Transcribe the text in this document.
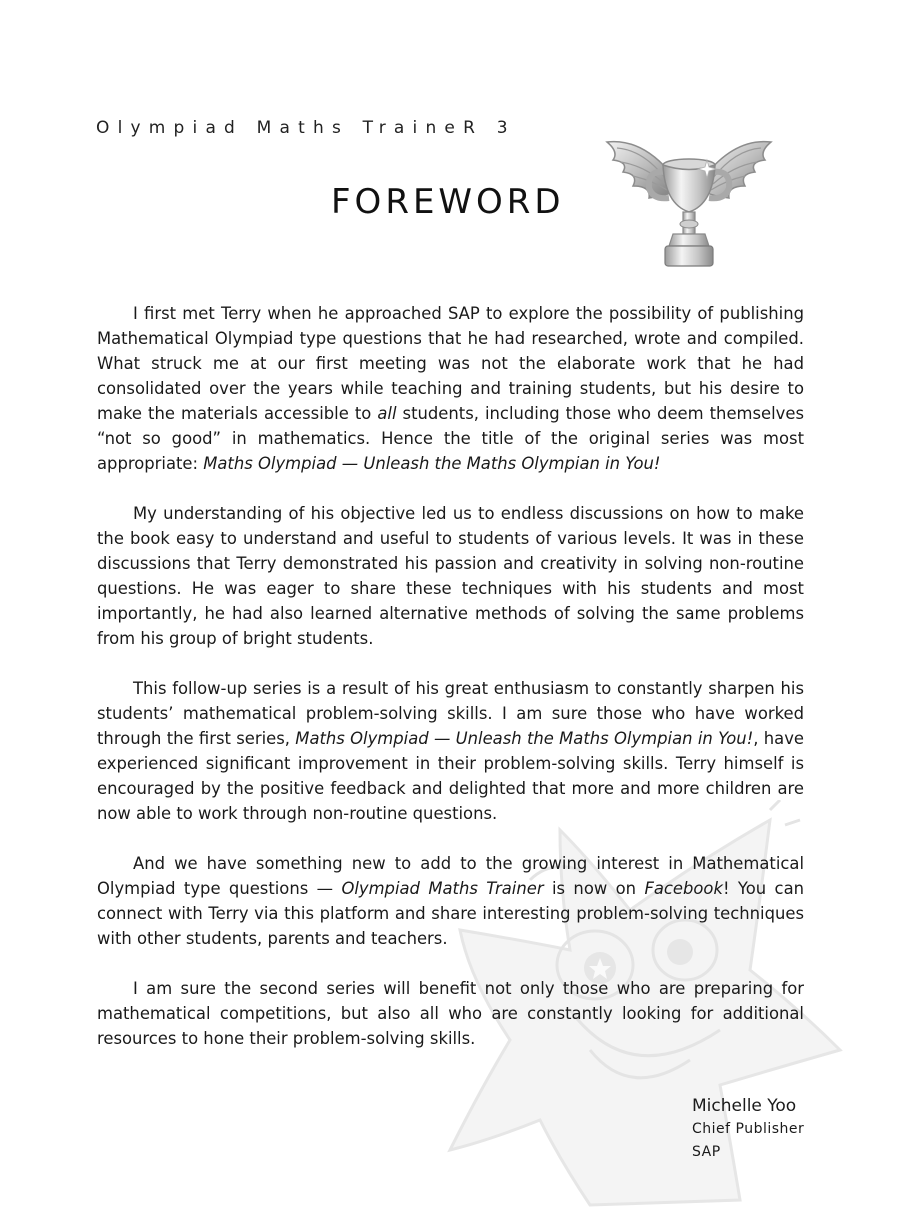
Olympiad Maths TraineR 3
FOREWORD

I first met Terry when he approached SAP to explore the possibility of publishing Mathematical Olympiad type questions that he had researched, wrote and compiled. What struck me at our first meeting was not the elaborate work that he had consolidated over the years while teaching and training students, but his desire to make the materials accessible to all students, including those who deem themselves “not so good” in mathematics. Hence the title of the original series was most appropriate: Maths Olympiad — Unleash the Maths Olympian in You!

My understanding of his objective led us to endless discussions on how to make the book easy to understand and useful to students of various levels. It was in these discussions that Terry demonstrated his passion and creativity in solving non-routine questions. He was eager to share these techniques with his students and most importantly, he had also learned alternative methods of solving the same problems from his group of bright students.

This follow-up series is a result of his great enthusiasm to constantly sharpen his students’ mathematical problem-solving skills. I am sure those who have worked through the first series, Maths Olympiad — Unleash the Maths Olympian in You!, have experienced significant improvement in their problem-solving skills. Terry himself is encouraged by the positive feedback and delighted that more and more children are now able to work through non-routine questions.

And we have something new to add to the growing interest in Mathematical Olympiad type questions — Olympiad Maths Trainer is now on Facebook! You can connect with Terry via this platform and share interesting problem-solving techniques with other students, parents and teachers.

I am sure the second series will benefit not only those who are preparing for mathematical competitions, but also all who are constantly looking for additional resources to hone their problem-solving skills.

Michelle Yoo
Chief Publisher
SAP
